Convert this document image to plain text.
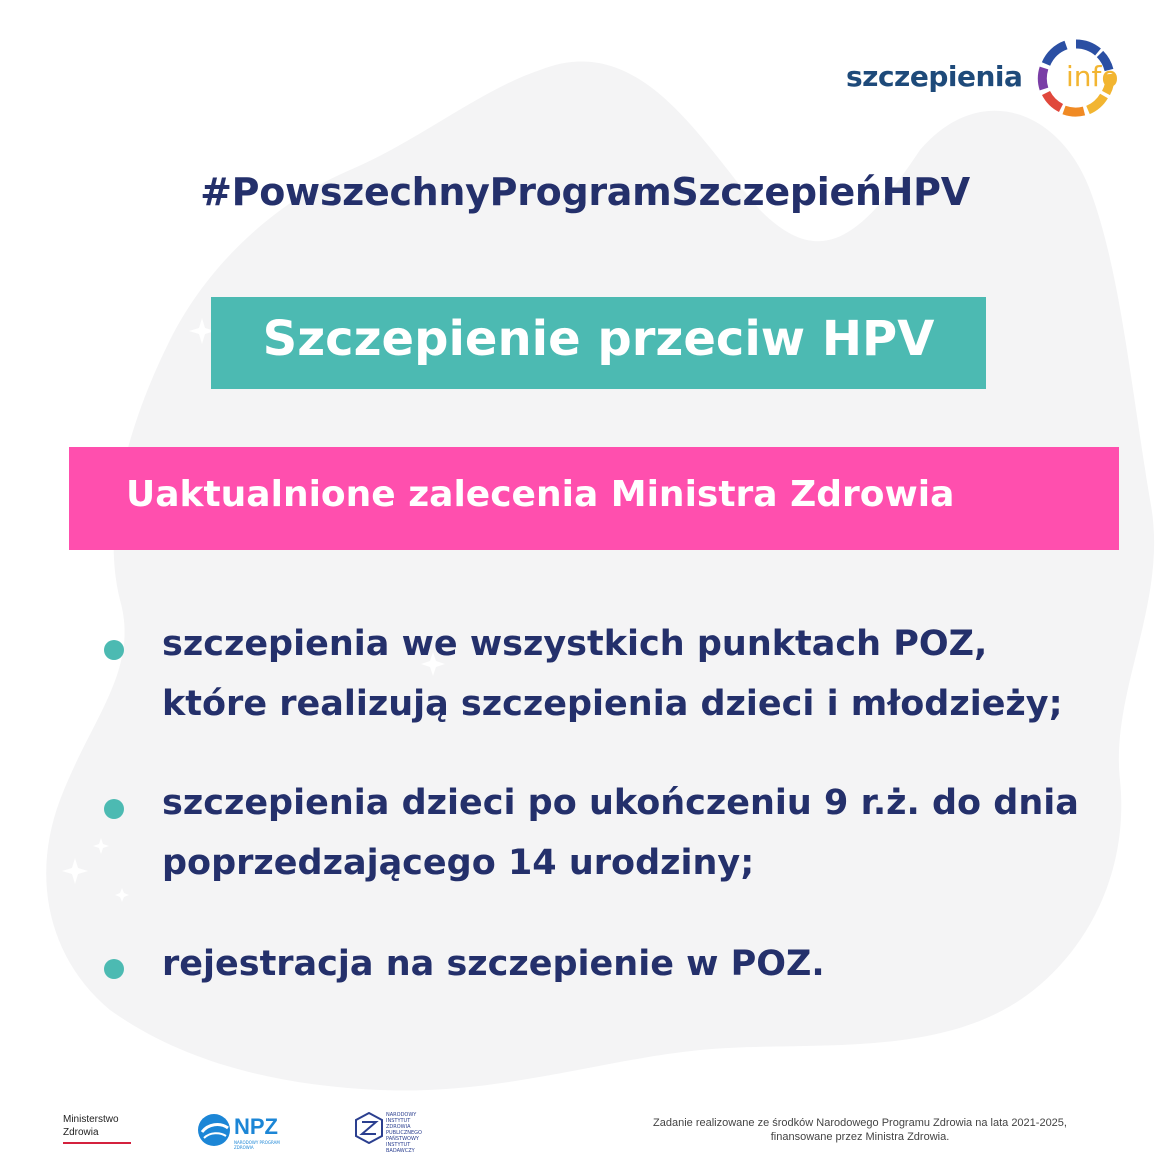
szczepienia info
#PowszechnyProgramSzczepieńHPV
Szczepienie przeciw HPV
Uaktualnione zalecenia Ministra Zdrowia
szczepienia we wszystkich punktach POZ,
które realizują szczepienia dzieci i młodzieży;
szczepienia dzieci po ukończeniu 9 r.ż. do dnia
poprzedzającego 14 urodziny;
rejestracja na szczepienie w POZ.
Ministerstwo
Zdrowia	NPZ
NARODOWY PROGRAM ZDROWIA
NARODOWY INSTYTUT ZDROWIA PUBLICZNEGO PAŃSTWOWY INSTYTUT BADAWCZY
Zadanie realizowane ze środków Narodowego Programu Zdrowia na lata 2021-2025,
finansowane przez Ministra Zdrowia.
